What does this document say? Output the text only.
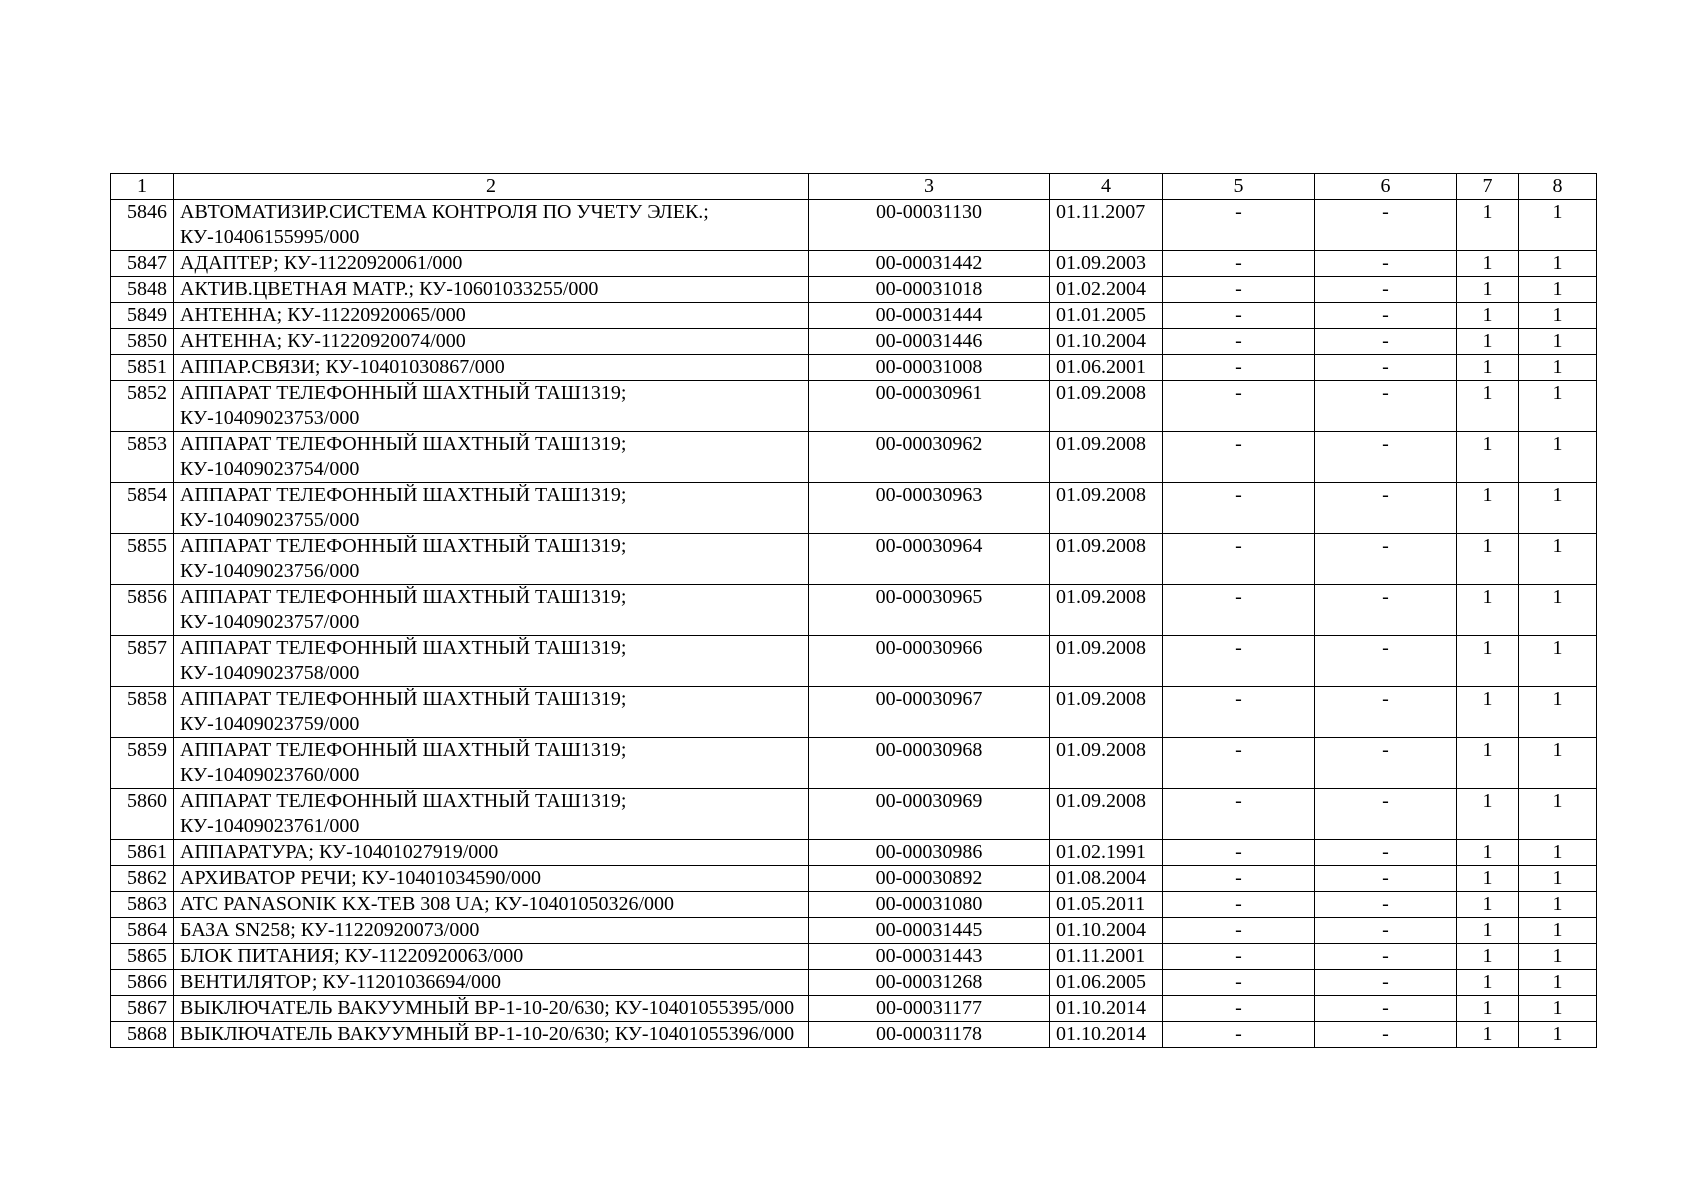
1	2	3	4	5	6	7	8
5846	АВТОМАТИЗИР.СИСТЕМА КОНТРОЛЯ ПО УЧЕТУ ЭЛЕК.; КУ-10406155995/000	00-00031130	01.11.2007	-	-	1	1
5847	АДАПТЕР; КУ-11220920061/000	00-00031442	01.09.2003	-	-	1	1
5848	АКТИВ.ЦВЕТНАЯ МАТР.; КУ-10601033255/000	00-00031018	01.02.2004	-	-	1	1
5849	АНТЕННА; КУ-11220920065/000	00-00031444	01.01.2005	-	-	1	1
5850	АНТЕННА; КУ-11220920074/000	00-00031446	01.10.2004	-	-	1	1
5851	АППАР.СВЯЗИ; КУ-10401030867/000	00-00031008	01.06.2001	-	-	1	1
5852	АППАРАТ ТЕЛЕФОННЫЙ ШАХТНЫЙ ТАШ1319; КУ-10409023753/000	00-00030961	01.09.2008	-	-	1	1
5853	АППАРАТ ТЕЛЕФОННЫЙ ШАХТНЫЙ ТАШ1319; КУ-10409023754/000	00-00030962	01.09.2008	-	-	1	1
5854	АППАРАТ ТЕЛЕФОННЫЙ ШАХТНЫЙ ТАШ1319; КУ-10409023755/000	00-00030963	01.09.2008	-	-	1	1
5855	АППАРАТ ТЕЛЕФОННЫЙ ШАХТНЫЙ ТАШ1319; КУ-10409023756/000	00-00030964	01.09.2008	-	-	1	1
5856	АППАРАТ ТЕЛЕФОННЫЙ ШАХТНЫЙ ТАШ1319; КУ-10409023757/000	00-00030965	01.09.2008	-	-	1	1
5857	АППАРАТ ТЕЛЕФОННЫЙ ШАХТНЫЙ ТАШ1319; КУ-10409023758/000	00-00030966	01.09.2008	-	-	1	1
5858	АППАРАТ ТЕЛЕФОННЫЙ ШАХТНЫЙ ТАШ1319; КУ-10409023759/000	00-00030967	01.09.2008	-	-	1	1
5859	АППАРАТ ТЕЛЕФОННЫЙ ШАХТНЫЙ ТАШ1319; КУ-10409023760/000	00-00030968	01.09.2008	-	-	1	1
5860	АППАРАТ ТЕЛЕФОННЫЙ ШАХТНЫЙ ТАШ1319; КУ-10409023761/000	00-00030969	01.09.2008	-	-	1	1
5861	АППАРАТУРА; КУ-10401027919/000	00-00030986	01.02.1991	-	-	1	1
5862	АРХИВАТОР РЕЧИ; КУ-10401034590/000	00-00030892	01.08.2004	-	-	1	1
5863	АТС PANASONIK KX-TEB 308 UA; КУ-10401050326/000	00-00031080	01.05.2011	-	-	1	1
5864	БАЗА SN258; КУ-11220920073/000	00-00031445	01.10.2004	-	-	1	1
5865	БЛОК ПИТАНИЯ; КУ-11220920063/000	00-00031443	01.11.2001	-	-	1	1
5866	ВЕНТИЛЯТОР; КУ-11201036694/000	00-00031268	01.06.2005	-	-	1	1
5867	ВЫКЛЮЧАТЕЛЬ ВАКУУМНЫЙ ВР-1-10-20/630; КУ-10401055395/000	00-00031177	01.10.2014	-	-	1	1
5868	ВЫКЛЮЧАТЕЛЬ ВАКУУМНЫЙ ВР-1-10-20/630; КУ-10401055396/000	00-00031178	01.10.2014	-	-	1	1
